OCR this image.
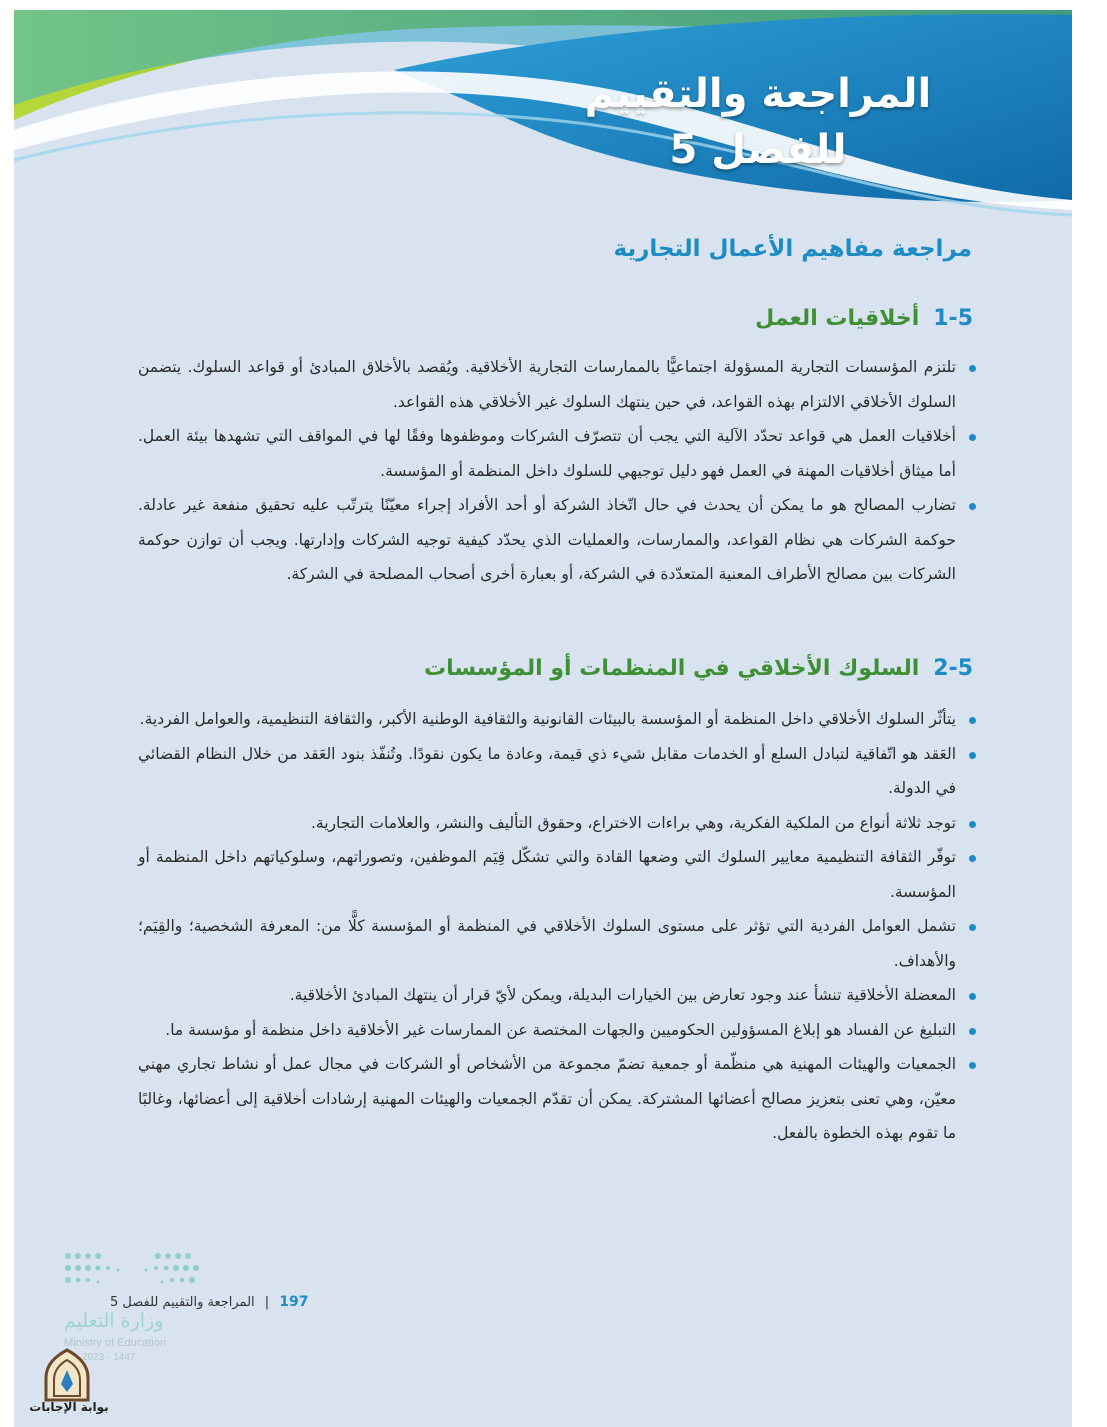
المراجعة والتقييم
للفصل 5
مراجعة مفاهيم الأعمال التجارية
1-5أخلاقيات العمل
تلتزم المؤسسات التجارية المسؤولة اجتماعيًّا بالممارسات التجارية الأخلاقية. ويُقصد بالأخلاق المبادئ أو قواعد السلوك. يتضمن السلوك الأخلاقي الالتزام بهذه القواعد، في حين ينتهك السلوك غير الأخلاقي هذه القواعد.
أخلاقيات العمل هي قواعد تحدّد الآلية التي يجب أن تتصرّف الشركات وموظفوها وفقًا لها في المواقف التي تشهدها بيئة العمل. أما ميثاق أخلاقيات المهنة في العمل فهو دليل توجيهي للسلوك داخل المنظمة أو المؤسسة.
تضارب المصالح هو ما يمكن أن يحدث في حال اتّخاذ الشركة أو أحد الأفراد إجراء معيّنًا يترتّب عليه تحقيق منفعة غير عادلة. حوكمة الشركات هي نظام القواعد، والممارسات، والعمليات الذي يحدّد كيفية توجيه الشركات وإدارتها. ويجب أن توازن حوكمة الشركات بين مصالح الأطراف المعنية المتعدّدة في الشركة، أو بعبارة أخرى أصحاب المصلحة في الشركة.
2-5السلوك الأخلاقي في المنظمات أو المؤسسات
يتأثّر السلوك الأخلاقي داخل المنظمة أو المؤسسة بالبيئات القانونية والثقافية الوطنية الأكبر، والثقافة التنظيمية، والعوامل الفردية.
العَقد هو اتّفاقية لتبادل السلع أو الخدمات مقابل شيء ذي قيمة، وعادة ما يكون نقودًا. وتُنفّذ بنود العَقد من خلال النظام القضائي في الدولة.
توجد ثلاثة أنواع من الملكية الفكرية، وهي براءات الاختراع، وحقوق التأليف والنشر، والعلامات التجارية.
توفّر الثقافة التنظيمية معايير السلوك التي وضعها القادة والتي تشكّل قِيَم الموظفين، وتصوراتهم، وسلوكياتهم داخل المنظمة أو المؤسسة.
تشمل العوامل الفردية التي تؤثر على مستوى السلوك الأخلاقي في المنظمة أو المؤسسة كلًّا من: المعرفة الشخصية؛ والقِيَم؛ والأهداف.
المعضلة الأخلاقية تنشأ عند وجود تعارض بين الخيارات البديلة، ويمكن لأيّ قرار أن ينتهك المبادئ الأخلاقية.
التبليغ عن الفساد هو إبلاغ المسؤولين الحكوميين والجهات المختصة عن الممارسات غير الأخلاقية داخل منظمة أو مؤسسة ما.
الجمعيات والهيئات المهنية هي منظّمة أو جمعية تضمّ مجموعة من الأشخاص أو الشركات في مجال عمل أو نشاط تجاري مهني معيّن، وهي تعنى بتعزيز مصالح أعضائها المشتركة. يمكن أن تقدّم الجمعيات والهيئات المهنية إرشادات أخلاقية إلى أعضائها، وغالبًا ما تقوم بهذه الخطوة بالفعل.
197 | المراجعة والتقييم للفصل 5
وزارة التعليم
Ministry of Education
2023 - 1447
بوابة الإجابات
